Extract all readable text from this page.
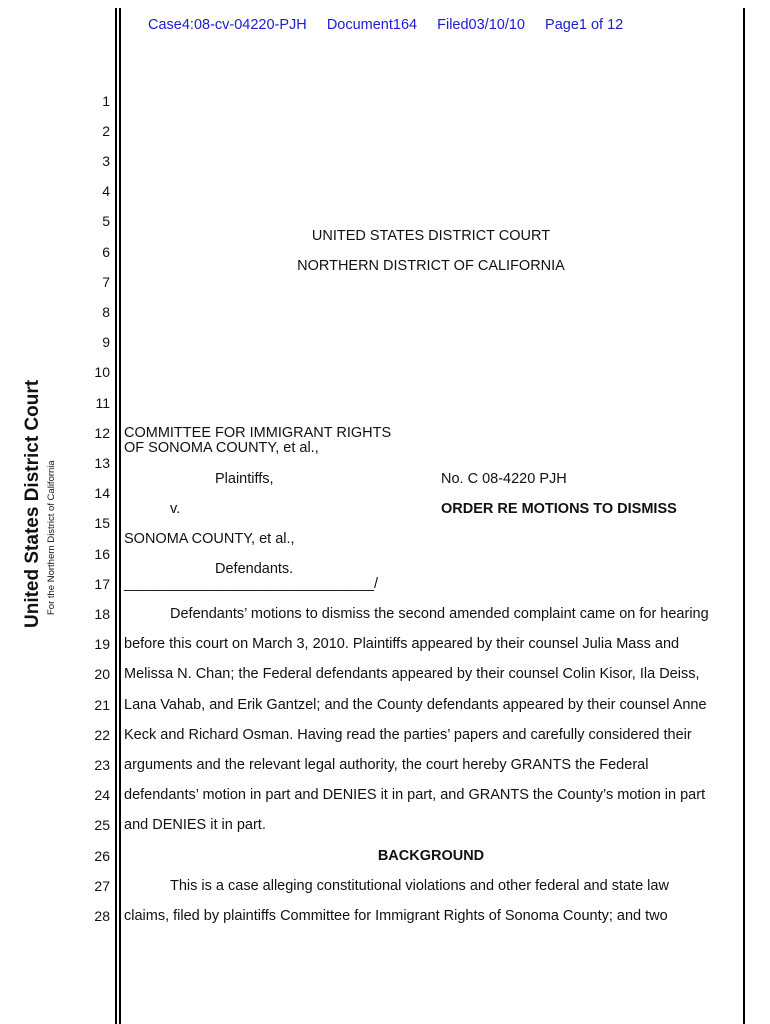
Case4:08-cv-04220-PJH Document164 Filed03/10/10 Page1 of 12
United States District Court For the Northern District of California
1
2
3
4
5
6
7
8
9
10
11
12
13
14
15
16
17
18
19
20
21
22
23
24
25
26
27
28
UNITED STATES DISTRICT COURT
NORTHERN DISTRICT OF CALIFORNIA
COMMITTEE FOR IMMIGRANT RIGHTS
OF SONOMA COUNTY, et al.,
Plaintiffs,	No. C 08-4220 PJH
v.	ORDER RE MOTIONS TO DISMISS
SONOMA COUNTY, et al.,
Defendants.
_______________________________/
Defendants’ motions to dismiss the second amended complaint came on for hearing
before this court on March 3, 2010. Plaintiffs appeared by their counsel Julia Mass and
Melissa N. Chan; the Federal defendants appeared by their counsel Colin Kisor, Ila Deiss,
Lana Vahab, and Erik Gantzel; and the County defendants appeared by their counsel Anne
Keck and Richard Osman. Having read the parties’ papers and carefully considered their
arguments and the relevant legal authority, the court hereby GRANTS the Federal
defendants’ motion in part and DENIES it in part, and GRANTS the County’s motion in part
and DENIES it in part.
BACKGROUND
This is a case alleging constitutional violations and other federal and state law
claims, filed by plaintiffs Committee for Immigrant Rights of Sonoma County; and two
